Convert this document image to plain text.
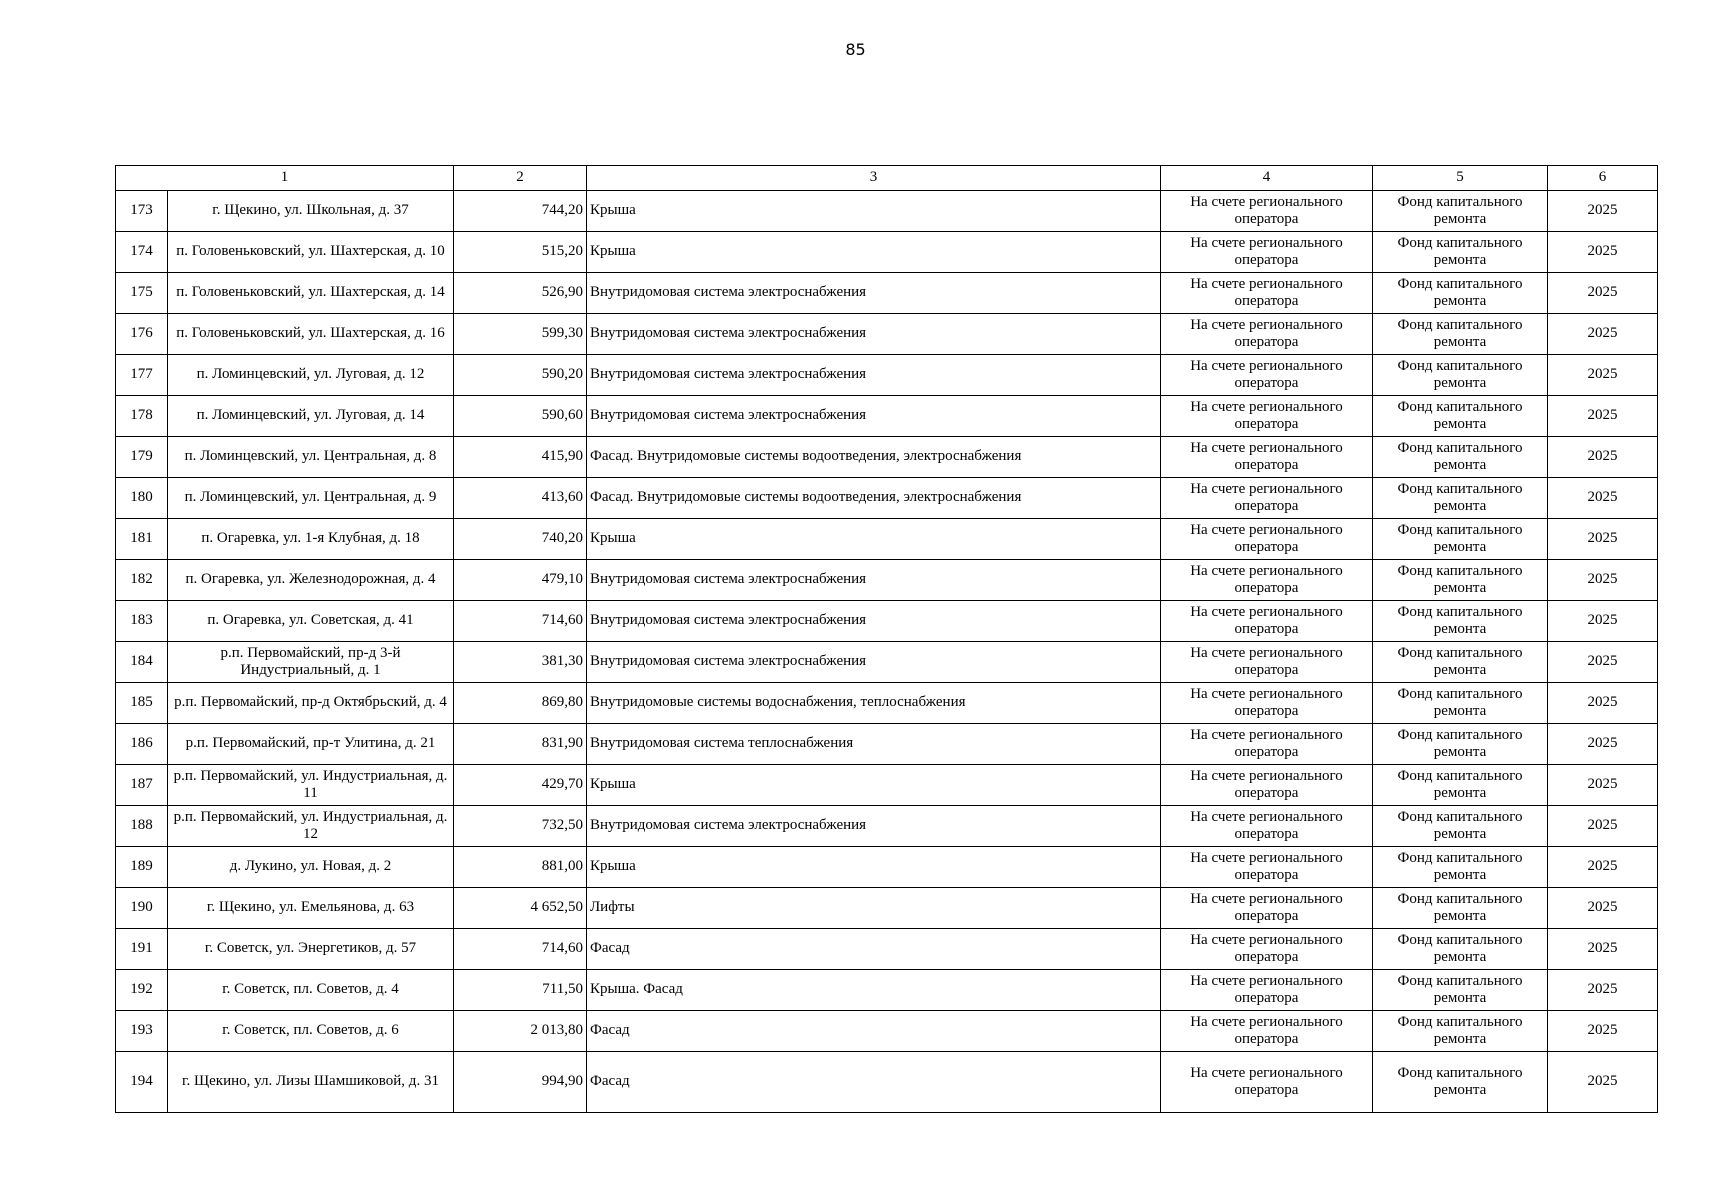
85
1		2	3	4	5	6
173	г. Щекино, ул. Школьная, д. 37	744,20	Крыша	На счете регионального оператора	Фонд капитального ремонта	2025
174	п. Головеньковский, ул. Шахтерская, д. 10	515,20	Крыша	На счете регионального оператора	Фонд капитального ремонта	2025
175	п. Головеньковский, ул. Шахтерская, д. 14	526,90	Внутридомовая система электроснабжения	На счете регионального оператора	Фонд капитального ремонта	2025
176	п. Головеньковский, ул. Шахтерская, д. 16	599,30	Внутридомовая система электроснабжения	На счете регионального оператора	Фонд капитального ремонта	2025
177	п. Ломинцевский, ул. Луговая, д. 12	590,20	Внутридомовая система электроснабжения	На счете регионального оператора	Фонд капитального ремонта	2025
178	п. Ломинцевский, ул. Луговая, д. 14	590,60	Внутридомовая система электроснабжения	На счете регионального оператора	Фонд капитального ремонта	2025
179	п. Ломинцевский, ул. Центральная, д. 8	415,90	Фасад. Внутридомовые системы водоотведения, электроснабжения	На счете регионального оператора	Фонд капитального ремонта	2025
180	п. Ломинцевский, ул. Центральная, д. 9	413,60	Фасад. Внутридомовые системы водоотведения, электроснабжения	На счете регионального оператора	Фонд капитального ремонта	2025
181	п. Огаревка, ул. 1-я Клубная, д. 18	740,20	Крыша	На счете регионального оператора	Фонд капитального ремонта	2025
182	п. Огаревка, ул. Железнодорожная, д. 4	479,10	Внутридомовая система электроснабжения	На счете регионального оператора	Фонд капитального ремонта	2025
183	п. Огаревка, ул. Советская, д. 41	714,60	Внутридомовая система электроснабжения	На счете регионального оператора	Фонд капитального ремонта	2025
184	р.п. Первомайский, пр-д 3-й Индустриальный, д. 1	381,30	Внутридомовая система электроснабжения	На счете регионального оператора	Фонд капитального ремонта	2025
185	р.п. Первомайский, пр-д Октябрьский, д. 4	869,80	Внутридомовые системы водоснабжения, теплоснабжения	На счете регионального оператора	Фонд капитального ремонта	2025
186	р.п. Первомайский, пр-т Улитина, д. 21	831,90	Внутридомовая система теплоснабжения	На счете регионального оператора	Фонд капитального ремонта	2025
187	р.п. Первомайский, ул. Индустриальная, д. 11	429,70	Крыша	На счете регионального оператора	Фонд капитального ремонта	2025
188	р.п. Первомайский, ул. Индустриальная, д. 12	732,50	Внутридомовая система электроснабжения	На счете регионального оператора	Фонд капитального ремонта	2025
189	д. Лукино, ул. Новая, д. 2	881,00	Крыша	На счете регионального оператора	Фонд капитального ремонта	2025
190	г. Щекино, ул. Емельянова, д. 63	4 652,50	Лифты	На счете регионального оператора	Фонд капитального ремонта	2025
191	г. Советск, ул. Энергетиков, д. 57	714,60	Фасад	На счете регионального оператора	Фонд капитального ремонта	2025
192	г. Советск, пл. Советов, д. 4	711,50	Крыша. Фасад	На счете регионального оператора	Фонд капитального ремонта	2025
193	г. Советск, пл. Советов, д. 6	2 013,80	Фасад	На счете регионального оператора	Фонд капитального ремонта	2025
194	г. Щекино, ул. Лизы Шамшиковой, д. 31	994,90	Фасад	На счете регионального оператора	Фонд капитального ремонта	2025
